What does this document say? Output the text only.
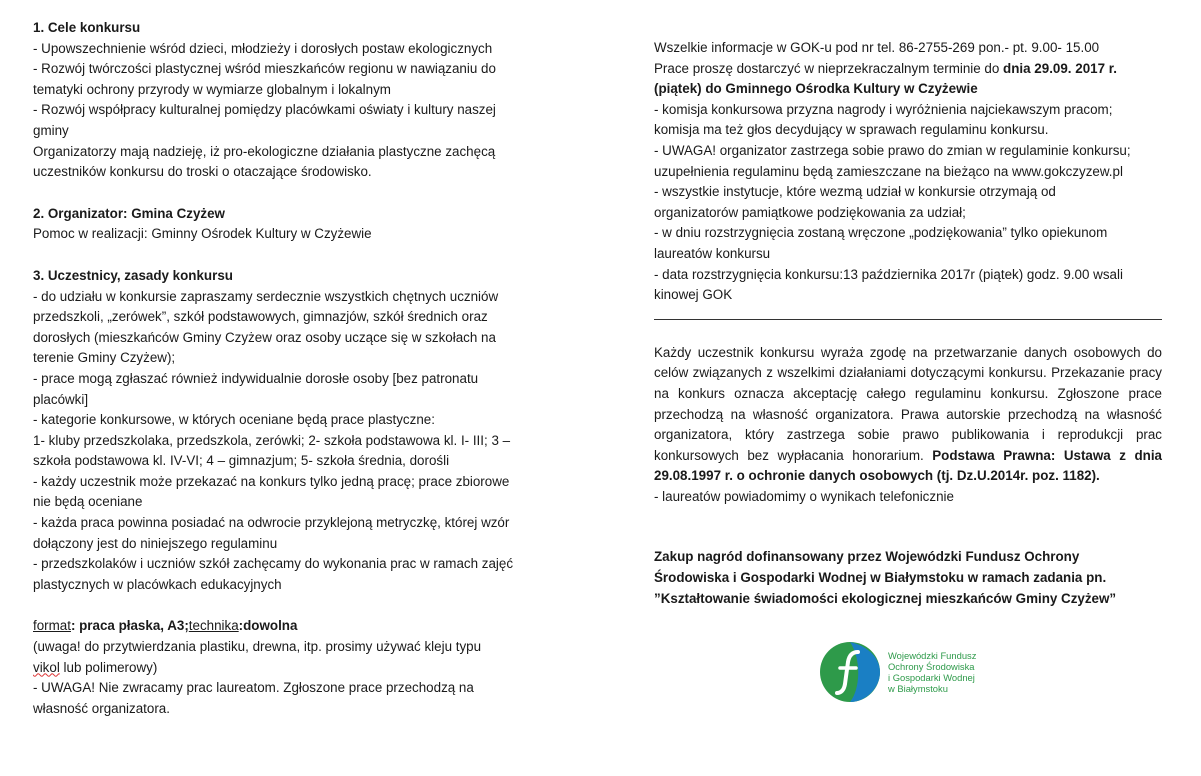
1. Cele konkursu

- Upowszechnienie wśród dzieci, młodzieży i dorosłych postaw ekologicznych

- Rozwój twórczości plastycznej wśród mieszkańców regionu w nawiązaniu do

tematyki ochrony przyrody w wymiarze globalnym i lokalnym

- Rozwój współpracy kulturalnej pomiędzy placówkami oświaty i kultury naszej

gminy

Organizatorzy mają nadzieję, iż pro-ekologiczne działania plastyczne zachęcą

uczestników konkursu do troski o otaczające środowisko.

2. Organizator: Gmina Czyżew

Pomoc w realizacji: Gminny Ośrodek Kultury w Czyżewie

3. Uczestnicy, zasady konkursu

- do udziału w konkursie zapraszamy serdecznie wszystkich chętnych uczniów

przedszkoli, „zerówek”, szkół podstawowych, gimnazjów, szkół średnich oraz

dorosłych (mieszkańców Gminy Czyżew oraz osoby uczące się w szkołach na

terenie Gminy Czyżew);

- prace mogą zgłaszać również indywidualnie dorosłe osoby [bez patronatu

placówki]

- kategorie konkursowe, w których oceniane będą prace plastyczne:

1- kluby przedszkolaka, przedszkola, zerówki; 2- szkoła podstawowa kl. I- III; 3 –

szkoła podstawowa kl. IV-VI; 4 – gimnazjum; 5- szkoła średnia, dorośli

- każdy uczestnik może przekazać na konkurs tylko jedną pracę; prace zbiorowe

nie będą oceniane

- każda praca powinna posiadać na odwrocie przyklejoną metryczkę, której wzór

dołączony jest do niniejszego regulaminu

- przedszkolaków i uczniów szkół zachęcamy do wykonania prac w ramach zajęć

plastycznych w placówkach edukacyjnych

format: praca płaska, A3;technika:dowolna

(uwaga! do przytwierdzania plastiku, drewna, itp. prosimy używać kleju typu

vikol lub polimerowy)

- UWAGA! Nie zwracamy prac laureatom. Zgłoszone prace przechodzą na

własność organizatora.

Wszelkie informacje w GOK-u pod nr tel. 86-2755-269 pon.- pt. 9.00- 15.00

Prace proszę dostarczyć w nieprzekraczalnym terminie do dnia 29.09. 2017 r.

(piątek) do Gminnego Ośrodka Kultury w Czyżewie

- komisja konkursowa przyzna nagrody i wyróżnienia najciekawszym pracom;

komisja ma też głos decydujący w sprawach regulaminu konkursu.

- UWAGA! organizator zastrzega sobie prawo do zmian w regulaminie konkursu;

uzupełnienia regulaminu będą zamieszczane na bieżąco na www.gokczyzew.pl

- wszystkie instytucje, które wezmą udział w konkursie otrzymają od

organizatorów pamiątkowe podziękowania za udział;

- w dniu rozstrzygnięcia zostaną wręczone „podziękowania” tylko opiekunom

laureatów konkursu

- data rozstrzygnięcia konkursu:13 października 2017r (piątek) godz. 9.00 wsali

kinowej GOK

Każdy uczestnik konkursu wyraża zgodę na przetwarzanie danych osobowych do celów związanych z wszelkimi działaniami dotyczącymi konkursu. Przekazanie pracy na konkurs oznacza akceptację całego regulaminu konkursu. Zgłoszone prace przechodzą na własność organizatora. Prawa autorskie przechodzą na własność organizatora, który zastrzega sobie prawo publikowania i reprodukcji prac konkursowych bez wypłacania honorarium. Podstawa Prawna: Ustawa z dnia 29.08.1997 r. o ochronie danych osobowych (tj. Dz.U.2014r. poz. 1182).

- laureatów powiadomimy o wynikach telefonicznie

Zakup nagród dofinansowany przez Wojewódzki Fundusz Ochrony

Środowiska i Gospodarki Wodnej w Białymstoku w ramach zadania pn.

”Kształtowanie świadomości ekologicznej mieszkańców Gminy Czyżew”

Wojewódzki Fundusz
Ochrony Środowiska
i Gospodarki Wodnej
w Białymstoku
